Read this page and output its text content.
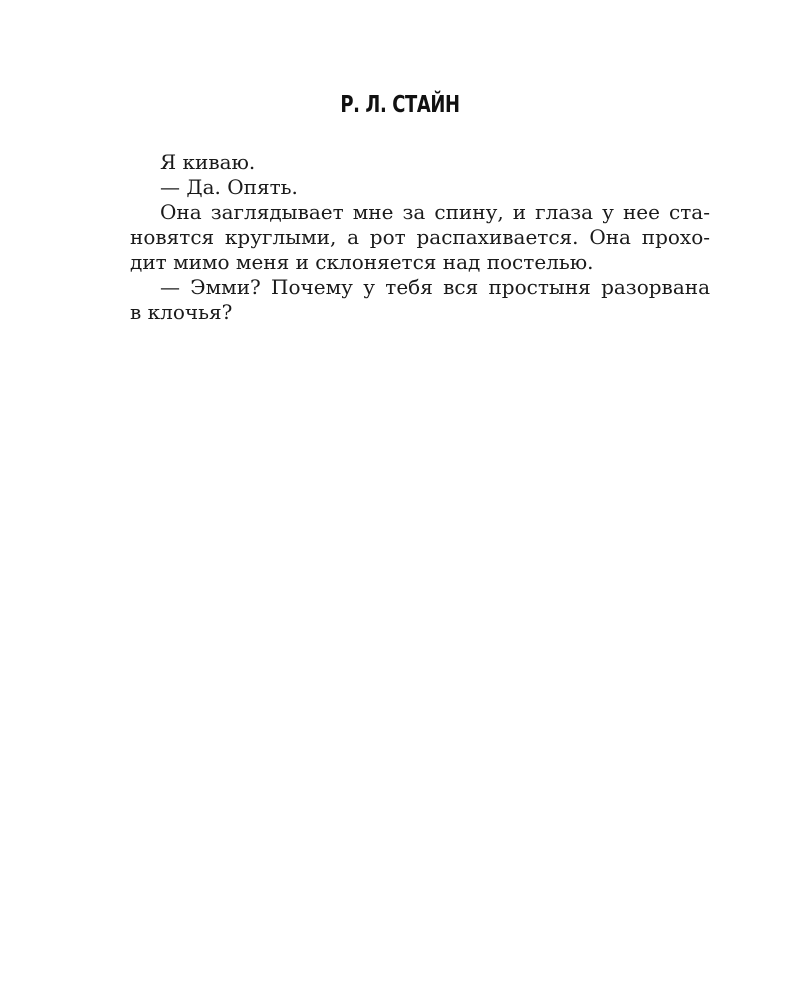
Р. Л. СТАЙН
Я киваю.
— Да. Опять.
Она заглядывает мне за спину, и глаза у нее ста-
новятся круглыми, а рот распахивается. Она прохо-
дит мимо меня и склоняется над постелью.
— Эмми? Почему у тебя вся простыня разорвана
в клочья?
